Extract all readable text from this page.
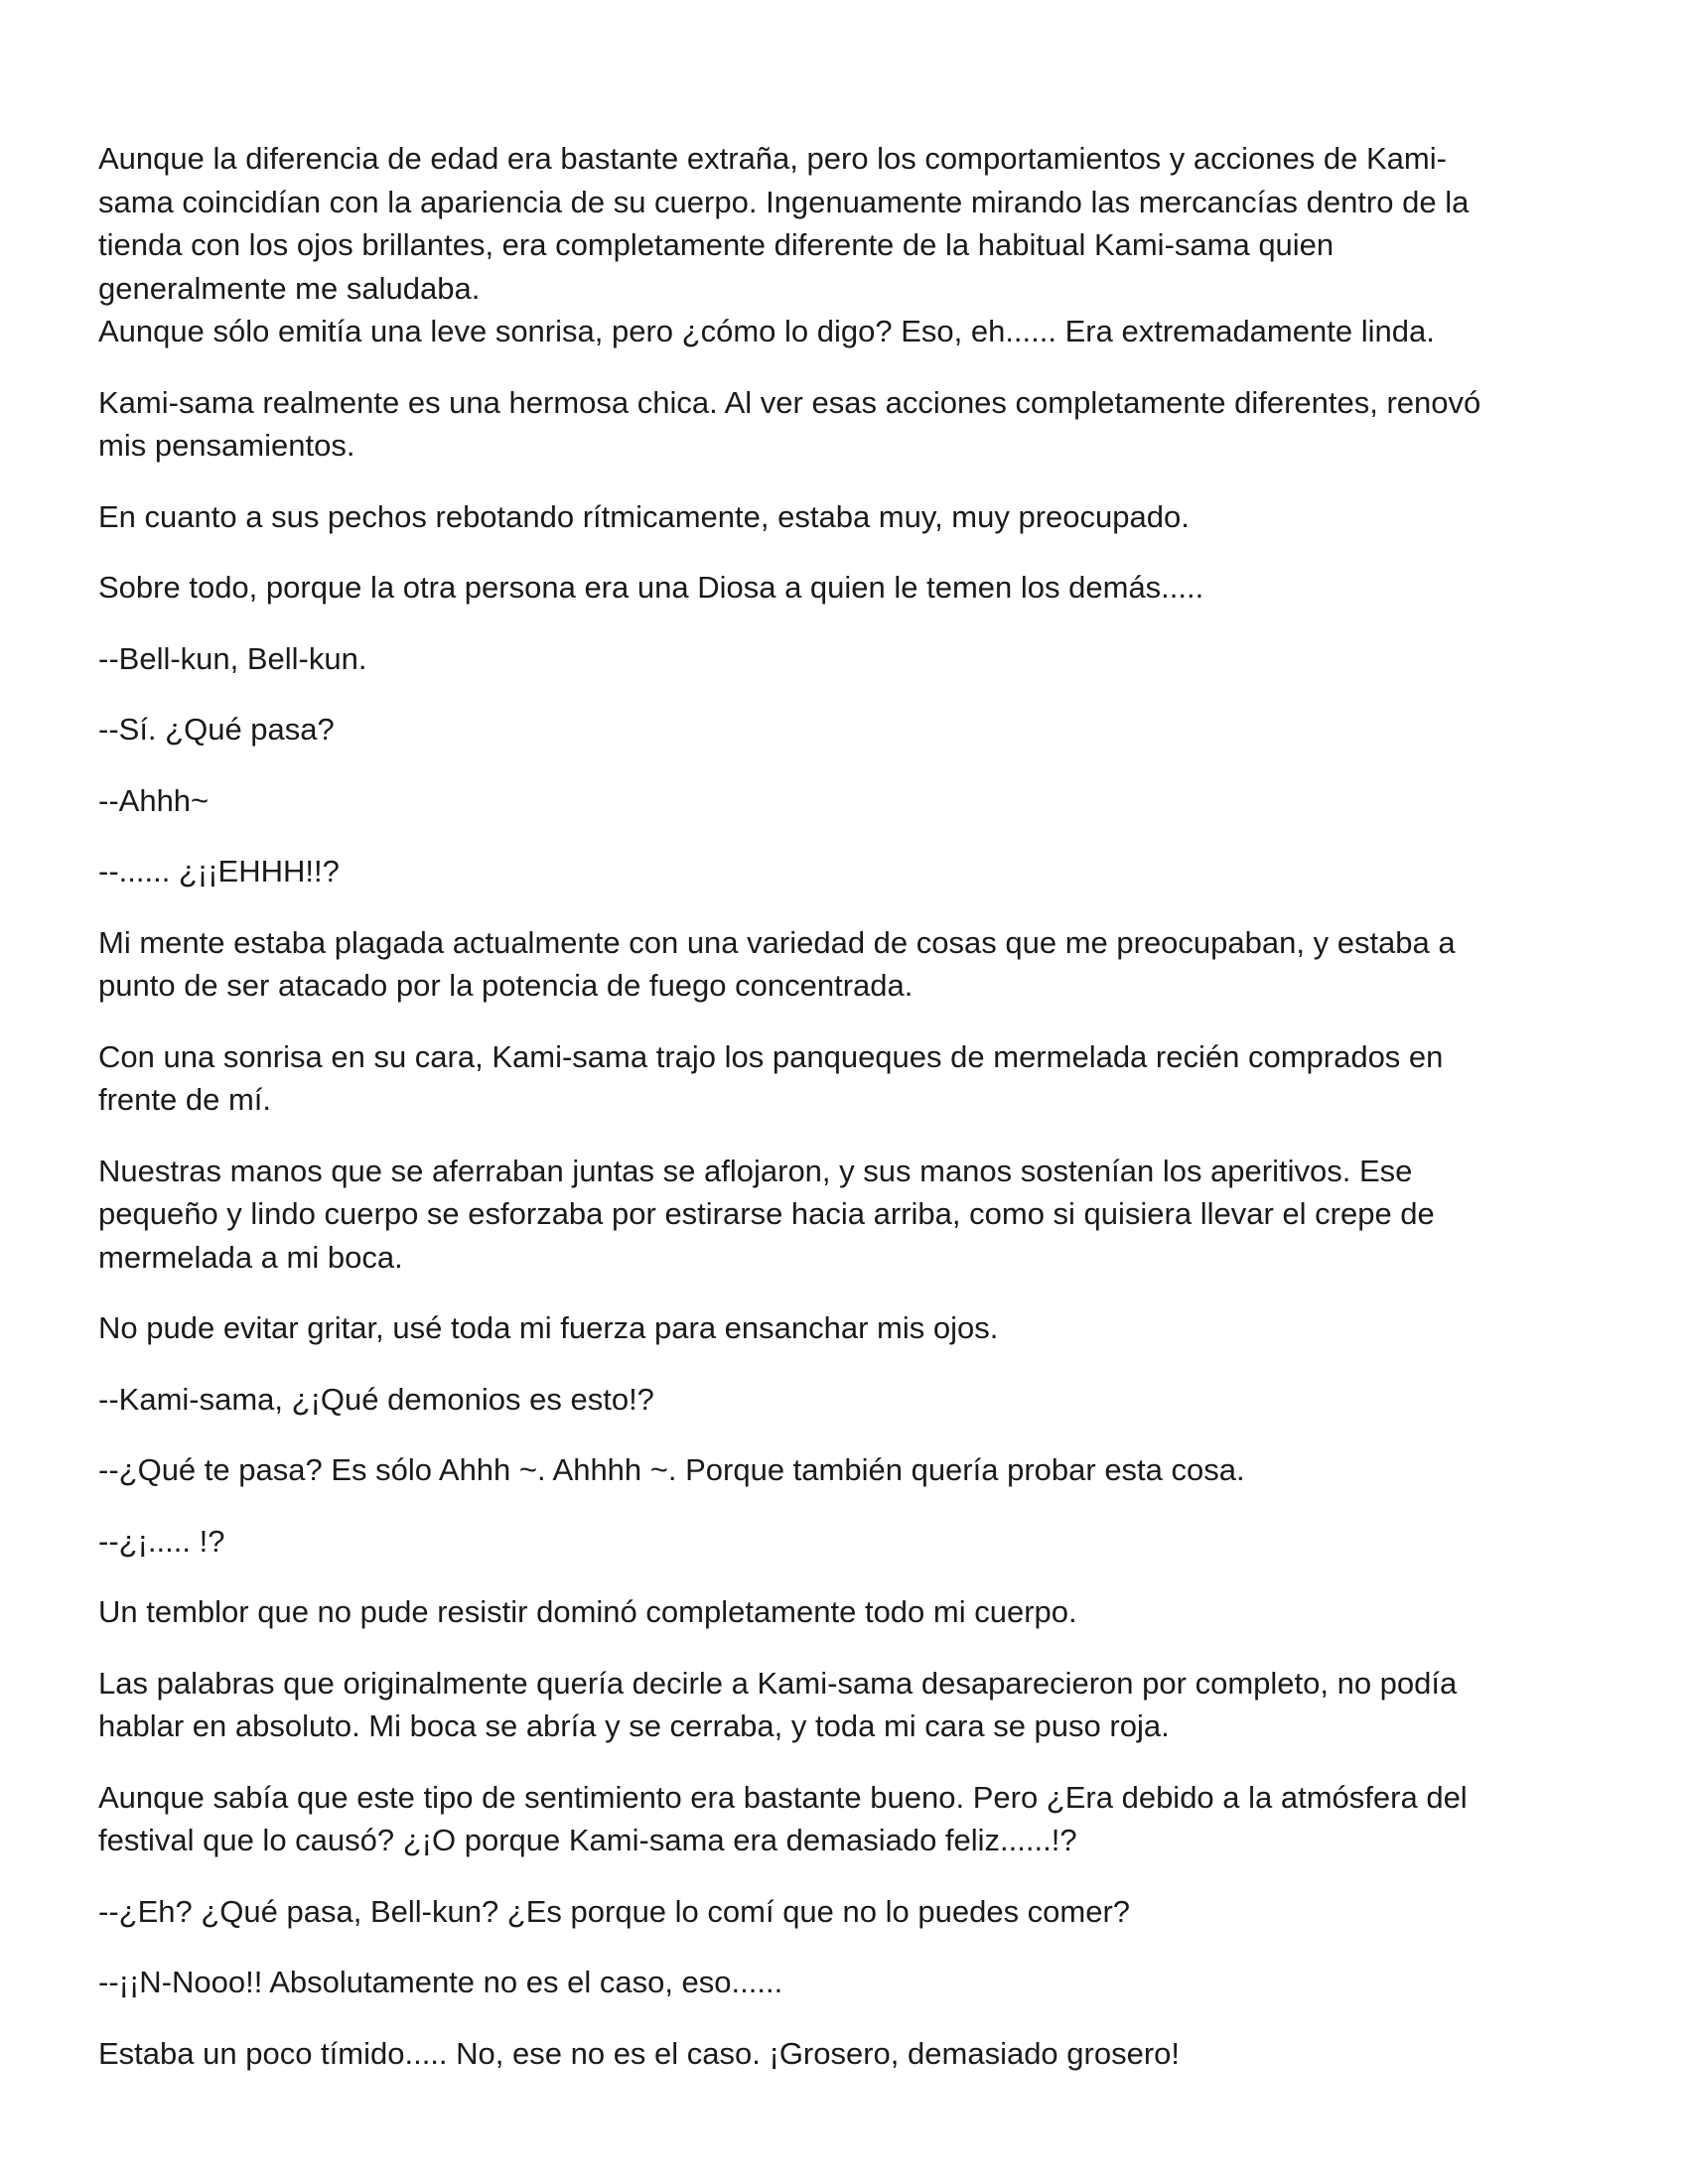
Aunque la diferencia de edad era bastante extraña, pero los comportamientos y acciones de Kami-
sama coincidían con la apariencia de su cuerpo. Ingenuamente mirando las mercancías dentro de la
tienda con los ojos brillantes, era completamente diferente de la habitual Kami-sama quien
generalmente me saludaba.
Aunque sólo emitía una leve sonrisa, pero ¿cómo lo digo? Eso, eh...... Era extremadamente linda.

Kami-sama realmente es una hermosa chica. Al ver esas acciones completamente diferentes, renovó
mis pensamientos.

En cuanto a sus pechos rebotando rítmicamente, estaba muy, muy preocupado.

Sobre todo, porque la otra persona era una Diosa a quien le temen los demás.....

--Bell-kun, Bell-kun.

--Sí. ¿Qué pasa?

--Ahhh~

--...... ¿¡¡EHHH!!?

Mi mente estaba plagada actualmente con una variedad de cosas que me preocupaban, y estaba a
punto de ser atacado por la potencia de fuego concentrada.

Con una sonrisa en su cara, Kami-sama trajo los panqueques de mermelada recién comprados en
frente de mí.

Nuestras manos que se aferraban juntas se aflojaron, y sus manos sostenían los aperitivos. Ese
pequeño y lindo cuerpo se esforzaba por estirarse hacia arriba, como si quisiera llevar el crepe de
mermelada a mi boca.

No pude evitar gritar, usé toda mi fuerza para ensanchar mis ojos.

--Kami-sama, ¿¡Qué demonios es esto!?

--¿Qué te pasa? Es sólo Ahhh ~. Ahhhh ~. Porque también quería probar esta cosa.

--¿¡..... !?

Un temblor que no pude resistir dominó completamente todo mi cuerpo.

Las palabras que originalmente quería decirle a Kami-sama desaparecieron por completo, no podía
hablar en absoluto. Mi boca se abría y se cerraba, y toda mi cara se puso roja.

Aunque sabía que este tipo de sentimiento era bastante bueno. Pero ¿Era debido a la atmósfera del
festival que lo causó? ¿¡O porque Kami-sama era demasiado feliz......!?

--¿Eh? ¿Qué pasa, Bell-kun? ¿Es porque lo comí que no lo puedes comer?

--¡¡N-Nooo!! Absolutamente no es el caso, eso......

Estaba un poco tímido..... No, ese no es el caso. ¡Grosero, demasiado grosero!
